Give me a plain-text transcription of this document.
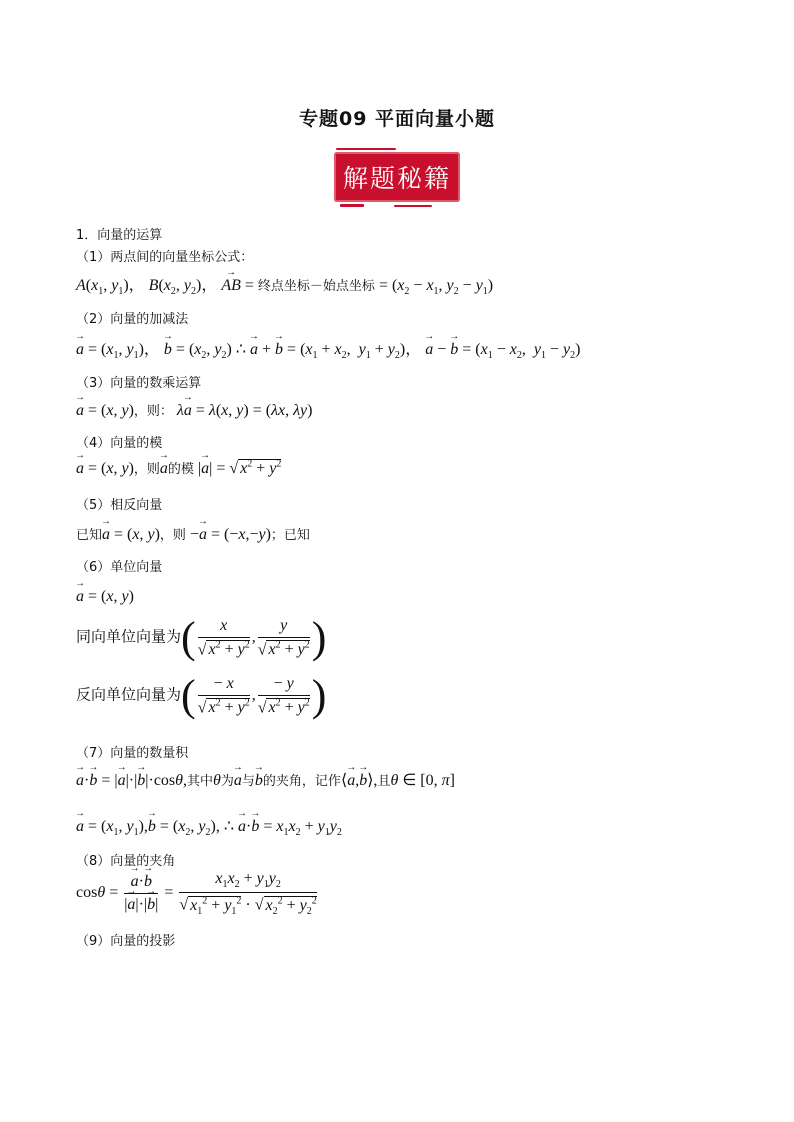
专题09 平面向量小题
解题秘籍
1．向量的运算
（1）两点间的向量坐标公式：
$A(x_1$, $y_1$)， $B(x_2$, $y_2$)， → AB = 终点坐标－始点坐标 = ($x_2 - x_1$, $y_2 - y_1$)
（2）向量的加减法
→ $a = (x_1$, $y_1$)， → $b = (x_2$, $y_2$) ∴ → a + → $b = (x_1 + x_2$,  $y_1 + y_2$)， → a − → $b = (x_1 - x_2$,  $y_1 - y_2$)
（3）向量的数乘运算
→ a = (x, y)，则： λ→ a = λ(x, y) = (λx, λy)
（4）向量的模
→ a = (x, y)，则→ a的模 |→ a| = √ $x^2 + y^2$
（5）相反向量
已知→ a = (x, y)，则 −→ a = (−x,−y)；已知
（6）单位向量
→ a = (x, y)
同向单位向量为( $\frac{x}{√ x^2 + y^2}$ , $\frac{y}{√ x^2 + y^2}$ )
反向单位向量为( $\frac{- x}{√ x^2 + y^2}$ , $\frac{- y}{√ x^2 + y^2}$ )
（7）向量的数量积
→ a·→ b = |→ a|·|→ b|·cosθ,其中θ为→ a与→ b的夹角，记作⟨→ a,→ b⟩,且θ ∈ [0, π]
→ $a = (x_1$, $y_1),\to b = (x_2$, $y_2$), ∴ → $a\cdot\to b = x_1x_2 + y_1y_2$
（8）向量的夹角
cosθ =
→ $\frac{a\cdot\to b}{|\to a|\cdot|\to b|} = \frac{x_1x_2 + y_1y_2}{√ x_1^2 + y_1^2 \cdot √ x_2^2 + y_2^2}$
（9）向量的投影
